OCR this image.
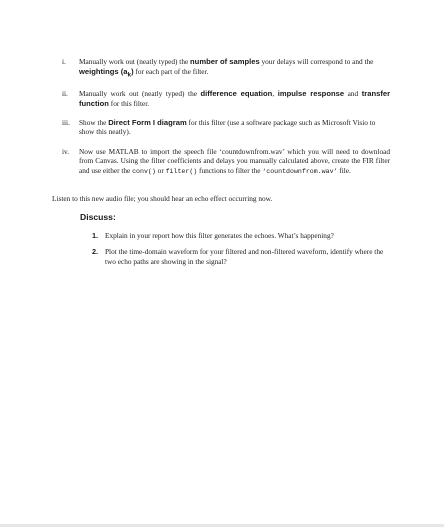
i. Manually work out (neatly typed) the number of samples your delays will correspond to and the weightings $(a_k)$ for each part of the filter.
ii. Manually work out (neatly typed) the difference equation, impulse response and transfer function for this filter.
iii. Show the Direct Form I diagram for this filter (use a software package such as Microsoft Visio to show this neatly).
iv. Now use MATLAB to import the speech file ‘countdownfrom.wav’ which you will need to download from Canvas. Using the filter coefficients and delays you manually calculated above, create the FIR filter and use either the conv() or filter() functions to filter the ‘countdownfrom.wav’ file.
Listen to this new audio file; you should hear an echo effect occurring now.
Discuss:
1. Explain in your report how this filter generates the echoes. What’s happening?
2. Plot the time-domain waveform for your filtered and non-filtered waveform, identify where the two echo paths are showing in the signal?
